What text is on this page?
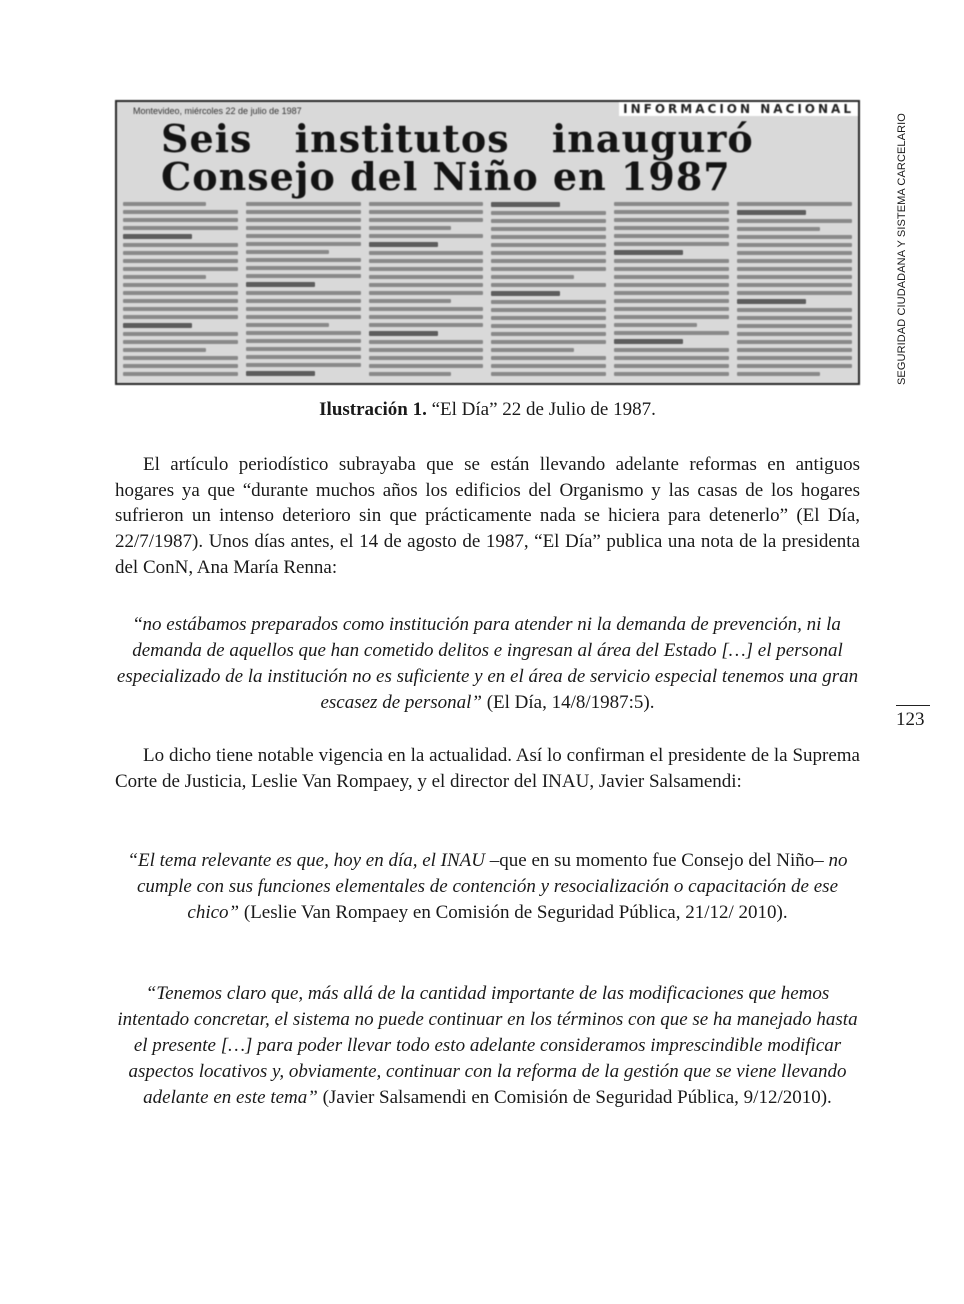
Montevideo, miércoles 22 de julio de 1987	INFORMACION NACIONAL
Seis institutos inauguró
Consejo del Niño en 1987	SEGURIDAD CIUDADANA Y SISTEMA CARCELARIO
Ilustración 1. “El Día” 22 de Julio de 1987.

El artículo periodístico subrayaba que se están llevando adelante reformas en antiguos hogares ya que “durante muchos años los edificios del Organismo y las casas de los hogares sufrieron un intenso deterioro sin que prácticamente nada se hiciera para detenerlo” (El Día, 22/7/1987). Unos días antes, el 14 de agosto de 1987, “El Día” publica una nota de la presidenta del ConN, Ana María Renna:

“no estábamos preparados como institución para atender ni la demanda de prevención, ni la demanda de aquellos que han cometido delitos e ingresan al área del Estado […] el personal especializado de la institución no es suficiente y en el área de servicio especial tenemos una gran escasez de personal” (El Día, 14/8/1987:5).

123

Lo dicho tiene notable vigencia en la actualidad. Así lo confirman el presidente de la Suprema Corte de Justicia, Leslie Van Rompaey, y el director del INAU, Javier Salsamendi:

“El tema relevante es que, hoy en día, el INAU –que en su momento fue Consejo del Niño– no cumple con sus funciones elementales de contención y resocialización o capacitación de ese chico” (Leslie Van Rompaey en Comisión de Seguridad Pública, 21/12/ 2010).

“Tenemos claro que, más allá de la cantidad importante de las modificaciones que hemos intentado concretar, el sistema no puede continuar en los términos con que se ha manejado hasta el presente […] para poder llevar todo esto adelante consideramos imprescindible modificar aspectos locativos y, obviamente, continuar con la reforma de la gestión que se viene llevando adelante en este tema” (Javier Salsamendi en Comisión de Seguridad Pública, 9/12/2010).
